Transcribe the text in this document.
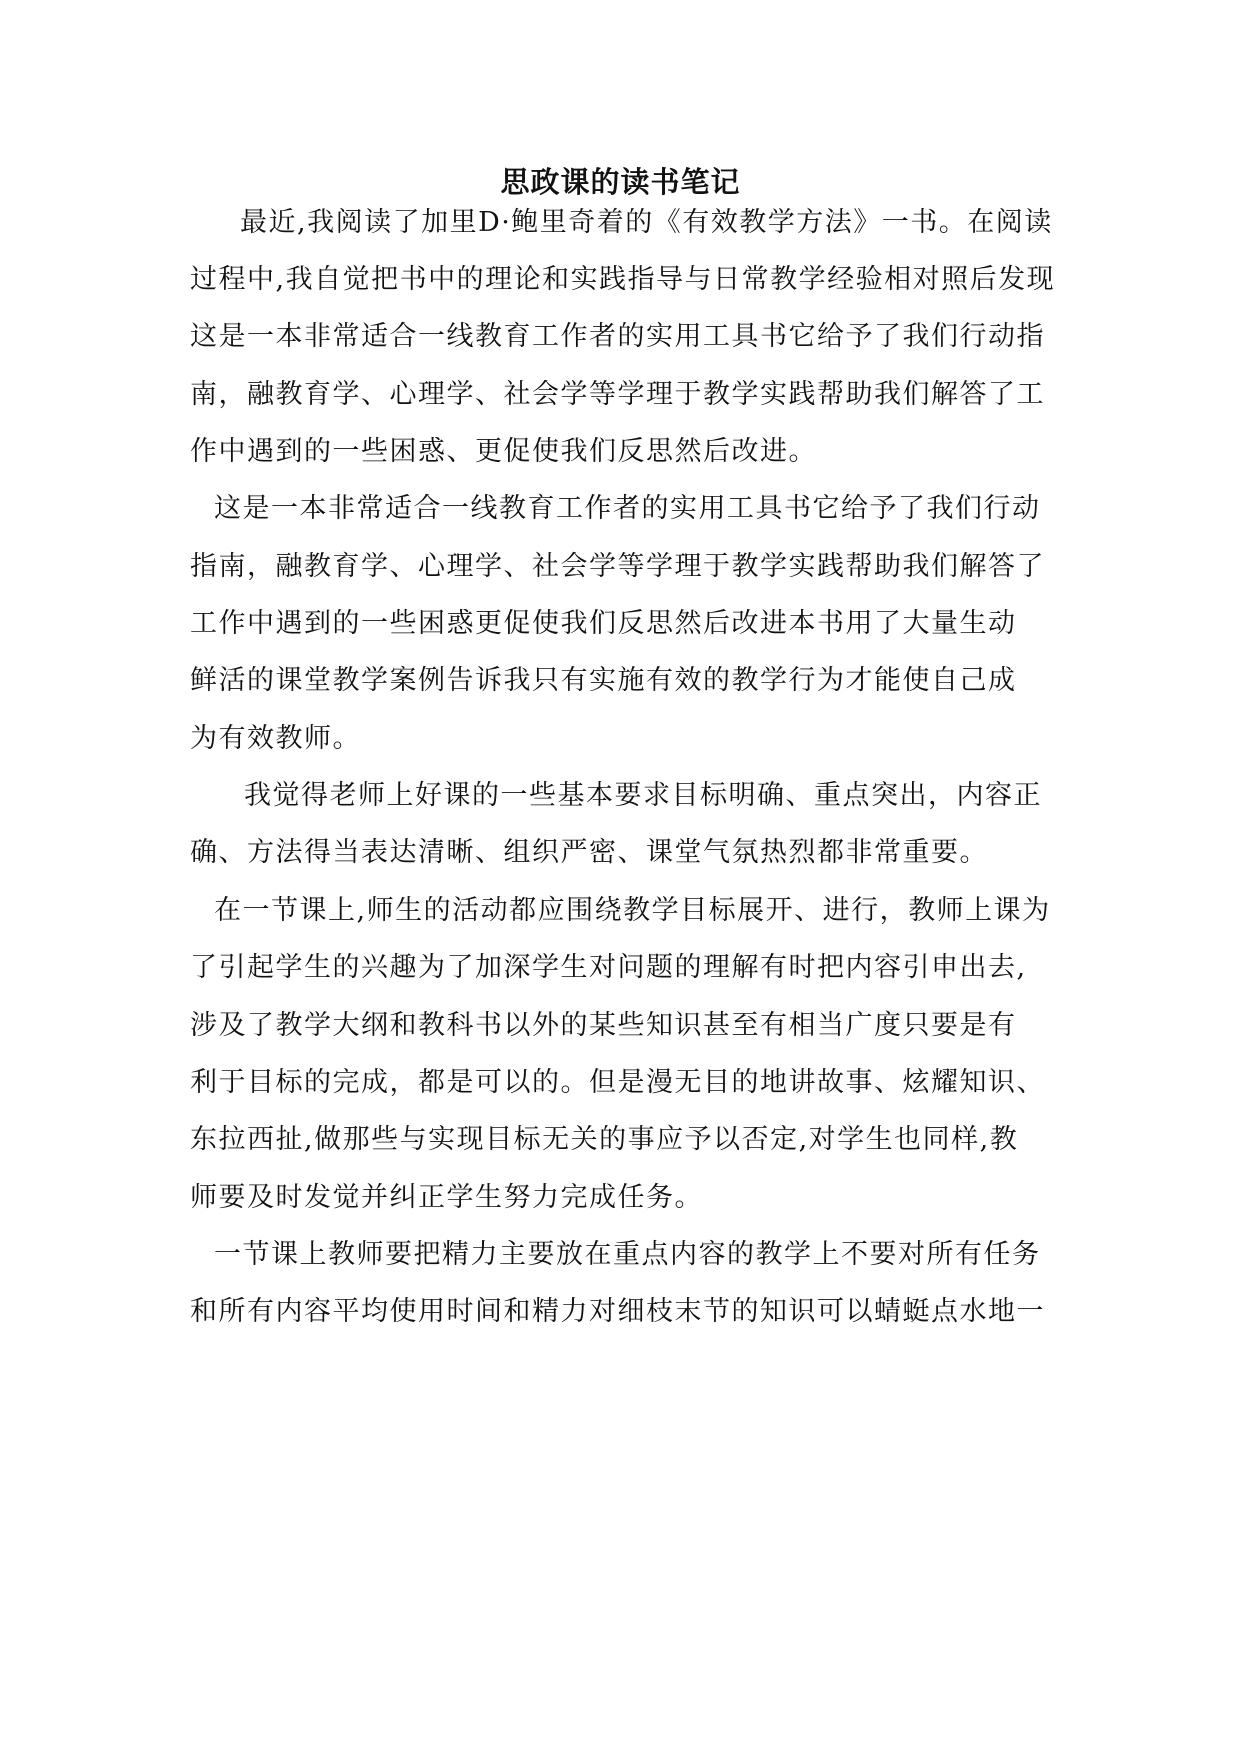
思政课的读书笔记
最近,我阅读了加里D·鲍里奇着的《有效教学方法》一书。在阅读
过程中,我自觉把书中的理论和实践指导与日常教学经验相对照后发现
这是一本非常适合一线教育工作者的实用工具书它给予了我们行动指
南，融教育学、心理学、社会学等学理于教学实践帮助我们解答了工
作中遇到的一些困惑、更促使我们反思然后改进。
这是一本非常适合一线教育工作者的实用工具书它给予了我们行动
指南，融教育学、心理学、社会学等学理于教学实践帮助我们解答了
工作中遇到的一些困惑更促使我们反思然后改进本书用了大量生动
鲜活的课堂教学案例告诉我只有实施有效的教学行为才能使自己成
为有效教师。
我觉得老师上好课的一些基本要求目标明确、重点突出，内容正
确、方法得当表达清晰、组织严密、课堂气氛热烈都非常重要。
在一节课上,师生的活动都应围绕教学目标展开、进行，教师上课为
了引起学生的兴趣为了加深学生对问题的理解有时把内容引申出去,
涉及了教学大纲和教科书以外的某些知识甚至有相当广度只要是有
利于目标的完成，都是可以的。但是漫无目的地讲故事、炫耀知识、
东拉西扯,做那些与实现目标无关的事应予以否定,对学生也同样,教
师要及时发觉并纠正学生努力完成任务。
一节课上教师要把精力主要放在重点内容的教学上不要对所有任务
和所有内容平均使用时间和精力对细枝末节的知识可以蜻蜓点水地一
